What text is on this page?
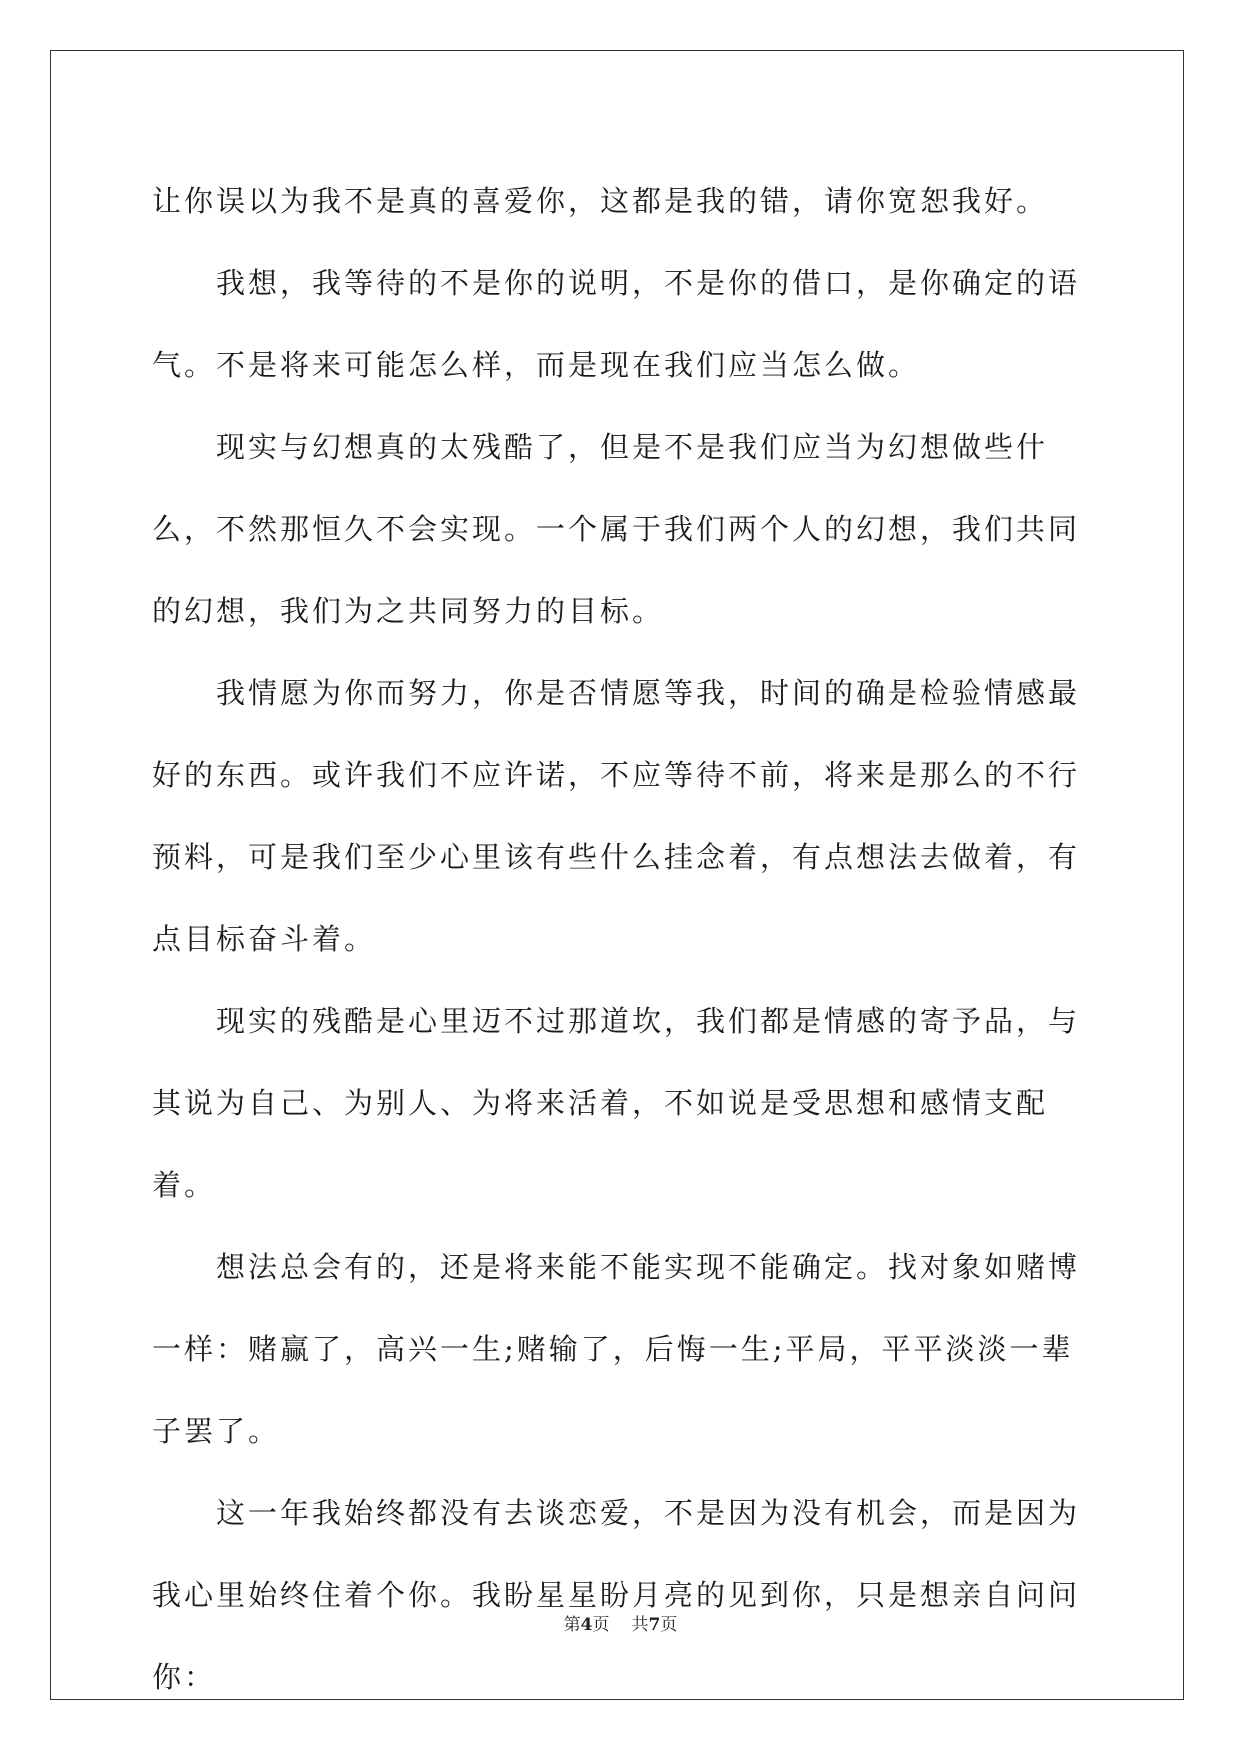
让你误以为我不是真的喜爱你，这都是我的错，请你宽恕我好。

我想，我等待的不是你的说明，不是你的借口，是你确定的语气。不是将来可能怎么样，而是现在我们应当怎么做。

现实与幻想真的太残酷了，但是不是我们应当为幻想做些什么，不然那恒久不会实现。一个属于我们两个人的幻想，我们共同的幻想，我们为之共同努力的目标。

我情愿为你而努力，你是否情愿等我，时间的确是检验情感最好的东西。或许我们不应许诺，不应等待不前，将来是那么的不行预料，可是我们至少心里该有些什么挂念着，有点想法去做着，有点目标奋斗着。

现实的残酷是心里迈不过那道坎，我们都是情感的寄予品，与其说为自己、为别人、为将来活着，不如说是受思想和感情支配着。

想法总会有的，还是将来能不能实现不能确定。找对象如赌博一样：赌赢了，高兴一生;赌输了，后悔一生;平局，平平淡淡一辈子罢了。

这一年我始终都没有去谈恋爱，不是因为没有机会，而是因为我心里始终住着个你。我盼星星盼月亮的见到你，只是想亲自问问你：

第4页 共7页
